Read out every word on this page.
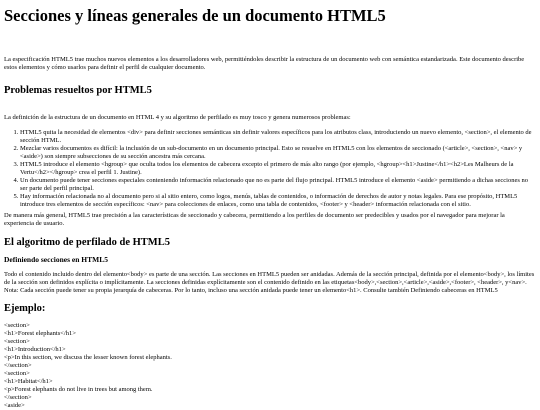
Secciones y líneas generales de un documento HTML5

La especificación HTML5 trae muchos nuevos elementos a los desarrolladores web, permitiéndoles describir la estructura de un documento web con semántica estandarizada. Este documento describe estos elementos y cómo usarlos para definir el perfil de cualquier documento.

Problemas resueltos por HTML5

La definición de la estructura de un documento en HTML 4 y su algoritmo de perfilado es muy tosco y genera numerosos problemas:

1. HTML5 quita la necesidad de elementos <div> para definir secciones semánticas sin definir valores específicos para los atributos class, introduciendo un nuevo elemento, <section>, el elemento de sección HTML.
2. Mezclar varios documentos es difícil: la inclusión de un sub-documento en un documento principal. Esto se resuelve en HTML5 con los elementos de seccionado (<article>, <section>, <nav> y <aside>) son siempre subsecciones de su sección ancestra más cercana.
3. HTML5 introduce el elemento <hgroup> que oculta todos los elementos de cabecera excepto el primero de más alto rango (por ejemplo, <hgroup><h1>Justine</h1><h2>Les Malheurs de la Vertu</h2></hgroup> crea el perfil 1. Justine).
4. Un documento puede tener secciones especiales conteniendo información relacionado que no es parte del flujo principal. HTML5 introduce el elemento <aside> permitiendo a dichas secciones no ser parte del perfil principal.
5. Hay información relacionada no al documento pero si al sitio entero, como logos, menús, tablas de contenidos, o información de derechos de autor y notas legales. Para ese propósito, HTML5 introduce tres elementos de sección específicos: <nav> para colecciones de enlaces, como una tabla de contenidos, <footer> y <header> información relacionada con el sitio.

De manera más general, HTML5 trae precisión a las características de seccionado y cabecera, permitiendo a los perfiles de documento ser predecibles y usados por el navegador para mejorar la experiencia de usuario.

El algoritmo de perfilado de HTML5
Definiendo secciones en HTML5

Todo el contenido incluido dentro del elemento<body> es parte de una sección. Las secciones en HTML5 pueden ser anidadas. Además de la sección principal, definida por el elemento<body>, los límites de la sección son definidos explícita o implícitamente. La secciones definidas explícitamente son el contenido definido en las etiquetas<body>,<section>,<article>,<aside>,<footer>, <header>, y<nav>. Nota: Cada sección puede tener su propia jerarquía de cabeceras. Por lo tanto, incluso una sección anidada puede tener un elemento<h1>. Consulte también Definiendo cabeceras en HTML5

Ejemplo:
<section>
<h1>Forest elephants</h1>
<section>
<h1>Introduction</h1>
<p>In this section, we discuss the lesser known forest elephants.
</section>
<section>
<h1>Habitat</h1>
<p>Forest elephants do not live in trees but among them.
</section>
<aside>
